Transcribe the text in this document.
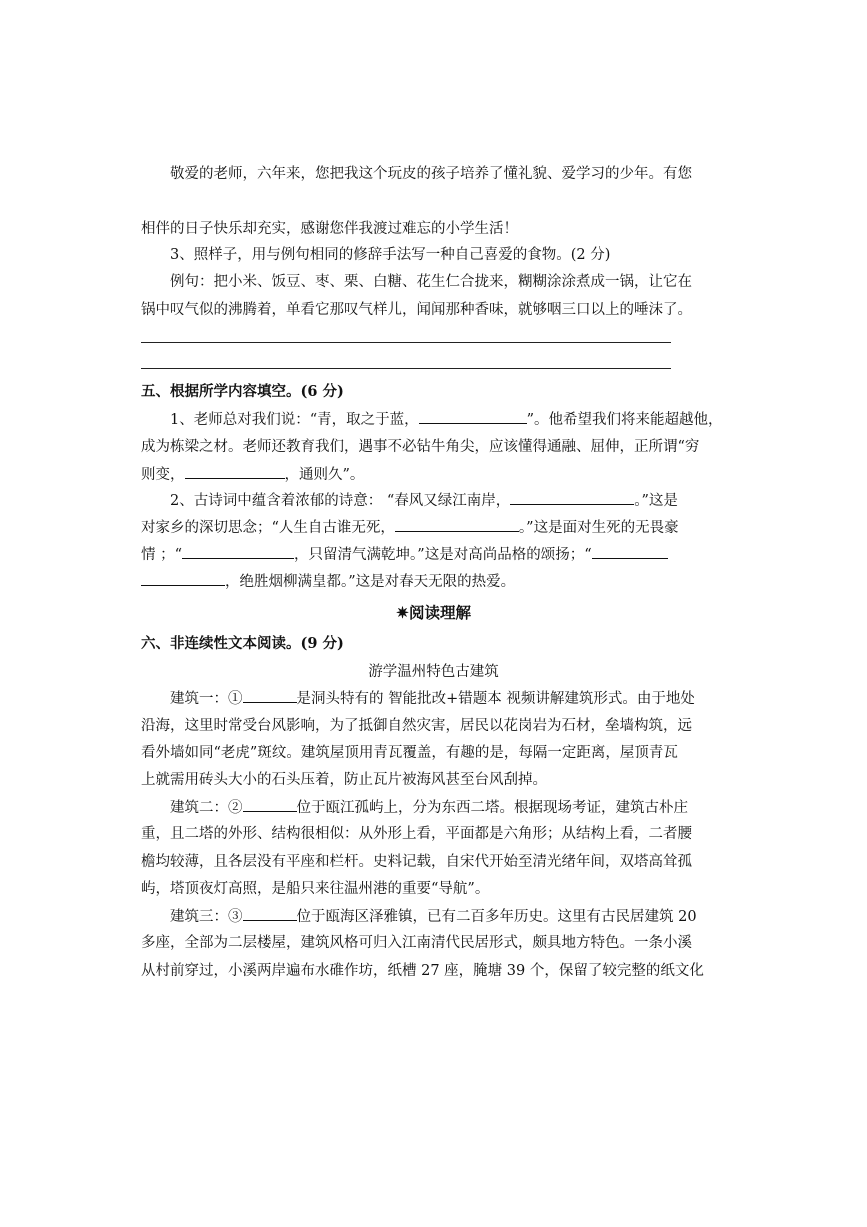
敬爱的老师，六年来，您把我这个玩皮的孩子培养了懂礼貌、爱学习的少年。有您
相伴的日子快乐却充实，感谢您伴我渡过难忘的小学生活！
3、照样子，用与例句相同的修辞手法写一种自己喜爱的食物。(2 分)
例句：把小米、饭豆、枣、栗、白糖、花生仁合拢来，糊糊涂涂煮成一锅，让它在
锅中叹气似的沸腾着，单看它那叹气样儿，闻闻那种香味，就够咽三口以上的唾沫了。
五、根据所学内容填空。(6 分)
1、老师总对我们说：“青，取之于蓝，	”。他希望我们将来能超越他，
成为栋梁之材。老师还教育我们，遇事不必钻牛角尖，应该懂得通融、屈伸，正所谓“穷
则变，	，通则久”。
2、古诗词中蕴含着浓郁的诗意： “春风又绿江南岸，	。”这是
对家乡的深切思念；“人生自古谁无死，	。”这是面对生死的无畏豪
情 ；“	，只留清气满乾坤。”这是对高尚品格的颂扬；“
，绝胜烟柳满皇都。”这是对春天无限的热爱。
✷阅读理解
六、非连续性文本阅读。(9 分)
游学温州特色古建筑
建筑一：①	是洞头特有的 智能批改+错题本 视频讲解建筑形式。由于地处
沿海，这里时常受台风影响，为了抵御自然灾害，居民以花岗岩为石材，垒墙构筑，远
看外墙如同“老虎”斑纹。建筑屋顶用青瓦覆盖，有趣的是，每隔一定距离，屋顶青瓦
上就需用砖头大小的石头压着，防止瓦片被海风甚至台风刮掉。
建筑二：②	位于瓯江孤屿上，分为东西二塔。根据现场考证，建筑古朴庄
重，且二塔的外形、结构很相似：从外形上看，平面都是六角形；从结构上看，二者腰
檐均较薄，且各层没有平座和栏杆。史料记载，自宋代开始至清光绪年间，双塔高耸孤
屿，塔顶夜灯高照，是船只来往温州港的重要“导航”。
建筑三：③	位于瓯海区泽雅镇，已有二百多年历史。这里有古民居建筑 20
多座，全部为二层楼屋，建筑风格可归入江南清代民居形式，颇具地方特色。一条小溪
从村前穿过，小溪两岸遍布水碓作坊，纸槽 27 座，腌塘 39 个，保留了较完整的纸文化
